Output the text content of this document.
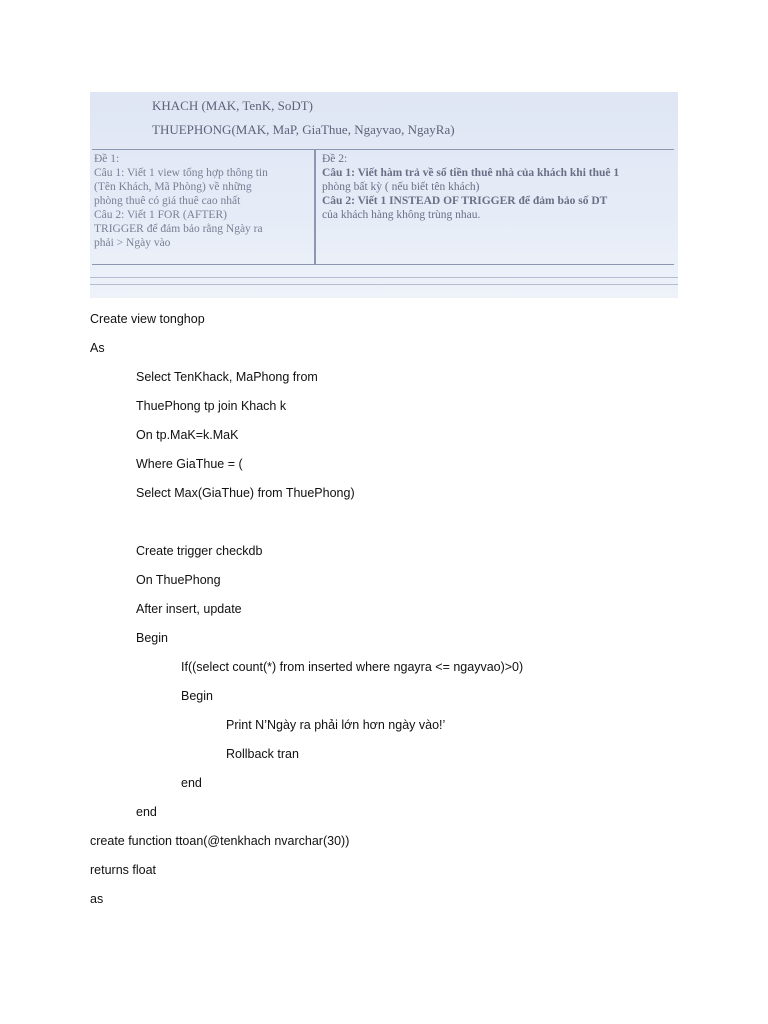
KHACH (MAK, TenK, SoDT)
THUEPHONG(MAK, MaP, GiaThue, Ngayvao, NgayRa)
Đề 1:
Câu 1: Viết 1 view tổng hợp thông tin
(Tên Khách, Mã Phòng) về những
phòng thuê có giá thuê cao nhất
Câu 2: Viết 1 FOR (AFTER)
TRIGGER để đảm bảo rằng Ngày ra
phải > Ngày vào
Đề 2:
Câu 1: Viết hàm trả về số tiền thuê nhà của khách khi thuê 1
phòng bất kỳ ( nếu biết tên khách)
Câu 2: Viết 1 INSTEAD OF TRIGGER để đảm bảo số DT
của khách hàng không trùng nhau.
Create view tonghop
As
Select TenKhack, MaPhong from
ThuePhong tp join Khach k
On tp.MaK=k.MaK
Where GiaThue = (
Select Max(GiaThue) from ThuePhong)
Create trigger checkdb
On ThuePhong
After insert, update
Begin
If((select count(*) from inserted where ngayra <= ngayvao)>0)
Begin
Print N’Ngày ra phải lớn hơn ngày vào!’
Rollback tran
end
end
create function ttoan(@tenkhach nvarchar(30))
returns float
as
